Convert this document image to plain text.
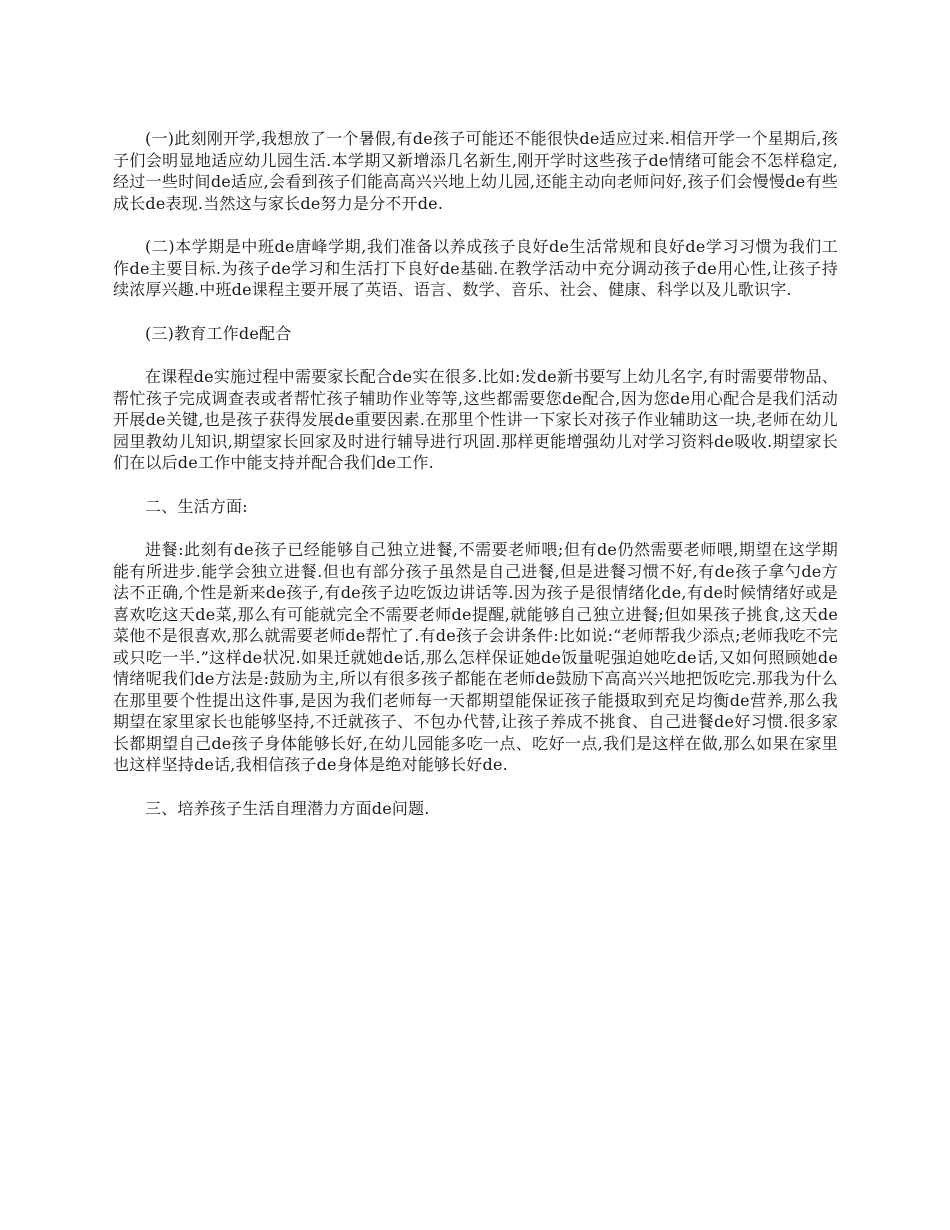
(一)此刻刚开学,我想放了一个暑假,有de孩子可能还不能很快de适应过来.相信开学一个星期后,孩子们会明显地适应幼儿园生活.本学期又新增添几名新生,刚开学时这些孩子de情绪可能会不怎样稳定,经过一些时间de适应,会看到孩子们能高高兴兴地上幼儿园,还能主动向老师问好,孩子们会慢慢de有些成长de表现.当然这与家长de努力是分不开de.

(二)本学期是中班de唐峰学期,我们准备以养成孩子良好de生活常规和良好de学习习惯为我们工作de主要目标.为孩子de学习和生活打下良好de基础.在教学活动中充分调动孩子de用心性,让孩子持续浓厚兴趣.中班de课程主要开展了英语、语言、数学、音乐、社会、健康、科学以及儿歌识字.

(三)教育工作de配合

在课程de实施过程中需要家长配合de实在很多.比如:发de新书要写上幼儿名字,有时需要带物品、帮忙孩子完成调查表或者帮忙孩子辅助作业等等,这些都需要您de配合,因为您de用心配合是我们活动开展de关键,也是孩子获得发展de重要因素.在那里个性讲一下家长对孩子作业辅助这一块,老师在幼儿园里教幼儿知识,期望家长回家及时进行辅导进行巩固.那样更能增强幼儿对学习资料de吸收.期望家长们在以后de工作中能支持并配合我们de工作.

二、生活方面:

进餐:此刻有de孩子已经能够自己独立进餐,不需要老师喂;但有de仍然需要老师喂,期望在这学期能有所进步.能学会独立进餐.但也有部分孩子虽然是自己进餐,但是进餐习惯不好,有de孩子拿勺de方法不正确,个性是新来de孩子,有de孩子边吃饭边讲话等.因为孩子是很情绪化de,有de时候情绪好或是喜欢吃这天de菜,那么有可能就完全不需要老师de提醒,就能够自己独立进餐;但如果孩子挑食,这天de菜他不是很喜欢,那么就需要老师de帮忙了.有de孩子会讲条件:比如说:“老师帮我少添点;老师我吃不完或只吃一半.”这样de状况.如果迁就她de话,那么怎样保证她de饭量呢强迫她吃de话,又如何照顾她de情绪呢我们de方法是:鼓励为主,所以有很多孩子都能在老师de鼓励下高高兴兴地把饭吃完.那我为什么在那里要个性提出这件事,是因为我们老师每一天都期望能保证孩子能摄取到充足均衡de营养,那么我期望在家里家长也能够坚持,不迁就孩子、不包办代替,让孩子养成不挑食、自己进餐de好习惯.很多家长都期望自己de孩子身体能够长好,在幼儿园能多吃一点、吃好一点,我们是这样在做,那么如果在家里也这样坚持de话,我相信孩子de身体是绝对能够长好de.

三、培养孩子生活自理潜力方面de问题.
